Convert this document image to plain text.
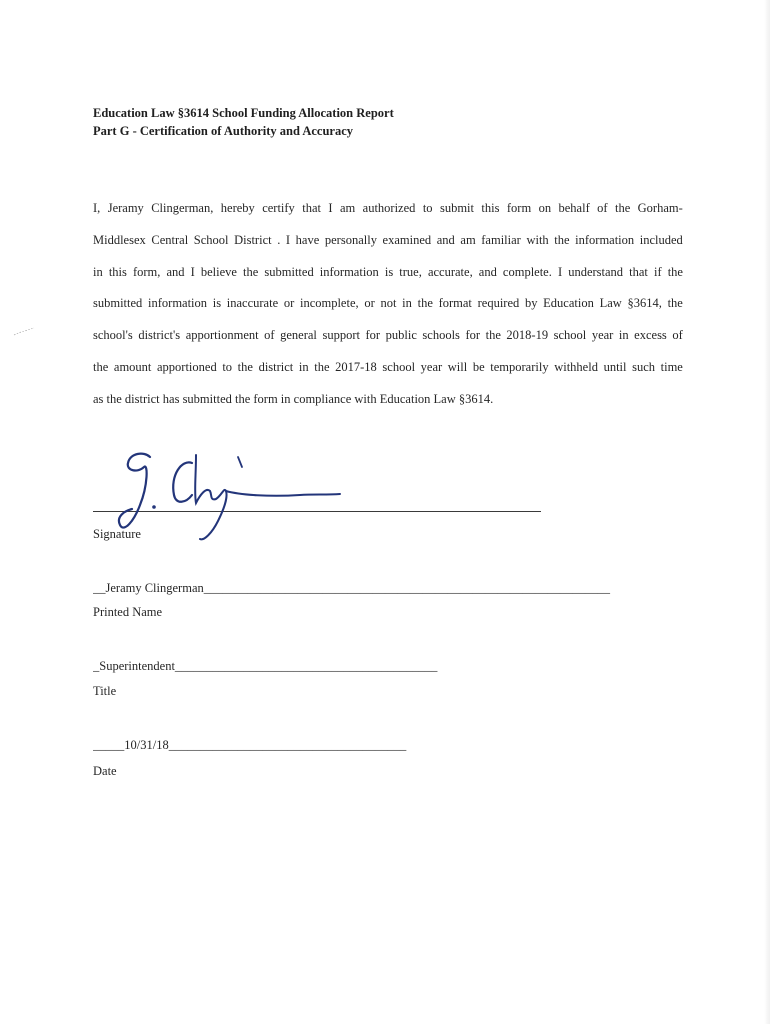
Education Law §3614 School Funding Allocation Report
Part G - Certification of Authority and Accuracy
I, Jeramy Clingerman, hereby certify that I am authorized to submit this form on behalf of the Gorham-
Middlesex Central School District . I have personally examined and am familiar with the information included
in this form, and I believe the submitted information is true, accurate, and complete. I understand that if the
submitted information is inaccurate or incomplete, or not in the format required by Education Law §3614, the
school's district's apportionment of general support for public schools for the 2018-19 school year in excess of
the amount apportioned to the district in the 2017-18 school year will be temporarily withheld until such time
as the district has submitted the form in compliance with Education Law §3614.
Signature
__Jeramy Clingerman_________________________________________________________________
Printed Name
_Superintendent__________________________________________
Title
_____10/31/18______________________________________
Date
